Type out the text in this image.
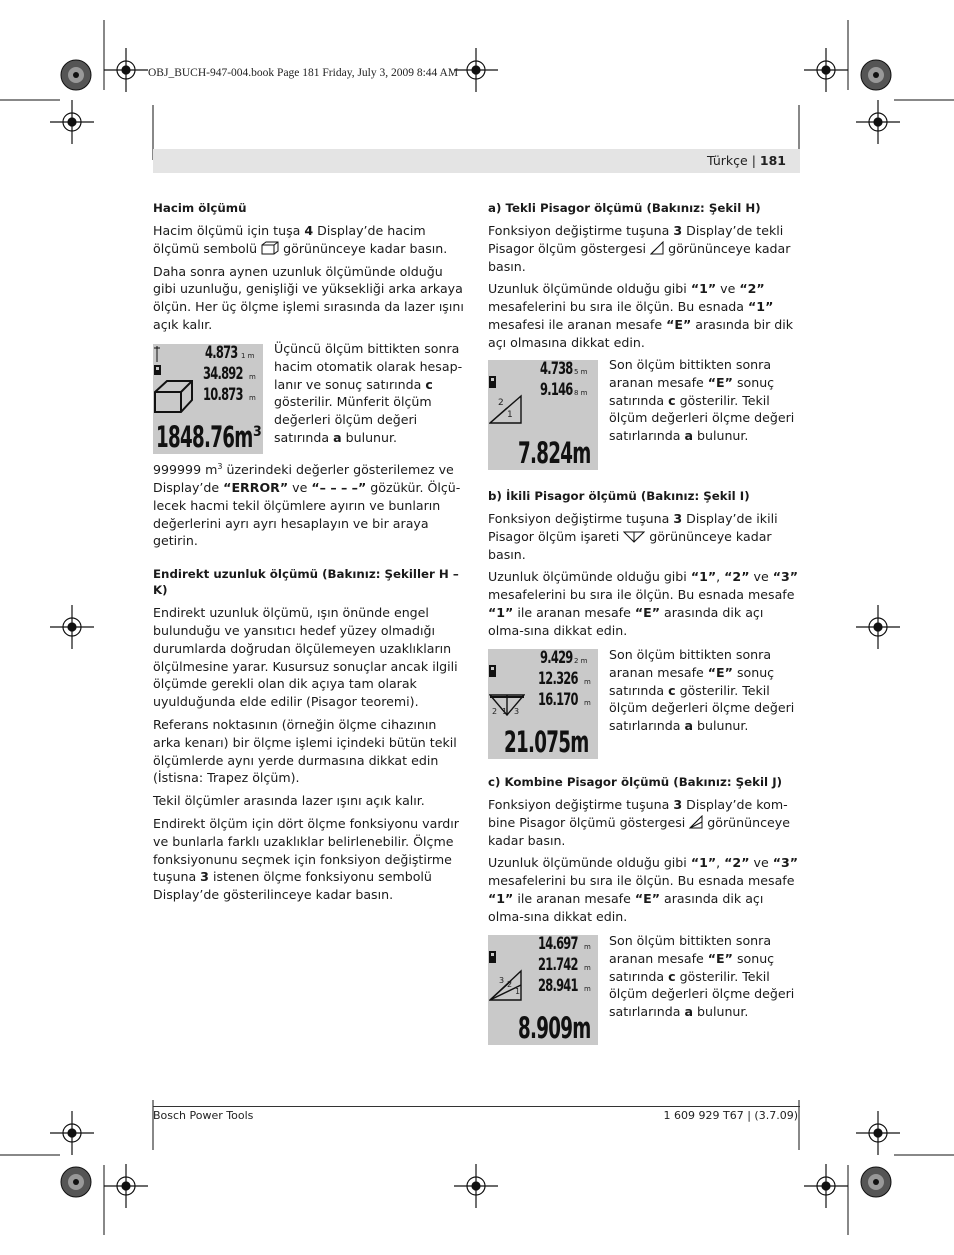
OBJ_BUCH-947-004.book Page 181 Friday, July 3, 2009 8:44 AM
Türkçe | 181
Hacim ölçümü

Hacim ölçümü için tuşa 4 Display’de hacim ölçümü sembolü  görününceye kadar basın.

Daha sonra aynen uzunluk ölçümünde olduğu gibi uzunluğu, genişliği ve yüksekliği arka arkaya ölçün. Her üç ölçme işlemi sırasında da lazer ışını açık kalır.

4.873 1 m
34.892 m
10.873 m
1848.76m 3

Üçüncü ölçüm bittikten sonra hacim otomatik olarak hesap-lanır ve sonuç satırında c gösterilir. Münferit ölçüm değerleri ölçüm değeri satırında a bulunur.

999999 $m^3$ üzerindeki değerler gösterilemez ve Display’de “ERROR” ve “– – – –” gözükür. Ölçü-lecek hacmi tekil ölçümlere ayırın ve bunların değerlerini ayrı ayrı hesaplayın ve bir araya getirin.

Endirekt uzunluk ölçümü (Bakınız: Şekiller H – K)

Endirekt uzunluk ölçümü, ışın önünde engel bulunduğu ve yansıtıcı hedef yüzey olmadığı durumlarda doğrudan ölçülemeyen uzaklıkların ölçülmesine yarar. Kusursuz sonuçlar ancak ilgili ölçümde gerekli olan dik açıya tam olarak uyulduğunda elde edilir (Pisagor teoremi).

Referans noktasının (örneğin ölçme cihazının arka kenarı) bir ölçme işlemi içindeki bütün tekil ölçümlerde aynı yerde durmasına dikkat edin (İstisna: Trapez ölçüm).

Tekil ölçümler arasında lazer ışını açık kalır.

Endirekt ölçüm için dört ölçme fonksiyonu vardır ve bunlarla farklı uzaklıklar belirlenebilir. Ölçme fonksiyonunu seçmek için fonksiyon değiştirme tuşuna 3 istenen ölçme fonksiyonu sembolü Display’de gösterilinceye kadar basın.

a) Tekli Pisagor ölçümü (Bakınız: Şekil H)

Fonksiyon değiştirme tuşuna 3 Display’de tekli Pisagor ölçüm göstergesi  görününceye kadar basın.

Uzunluk ölçümünde olduğu gibi “1” ve “2” mesafelerini bu sıra ile ölçün. Bu esnada “1” mesafesi ile aranan mesafe “E” arasında bir dik açı olmasına dikkat edin.

2
1
4.738 5 m
9.146 8 m
7.824m

Son ölçüm bittikten sonra aranan mesafe “E” sonuç satırında c gösterilir. Tekil ölçüm değerleri ölçme değeri satırlarında a bulunur.

b) İkili Pisagor ölçümü (Bakınız: Şekil I)

Fonksiyon değiştirme tuşuna 3 Display’de ikili Pisagor ölçüm işareti  görününceye kadar basın.

Uzunluk ölçümünde olduğu gibi “1”, “2” ve “3” mesafelerini bu sıra ile ölçün. Bu esnada mesafe “1” ile aranan mesafe “E” arasında dik açı olma-sına dikkat edin.

2 1 3
9.429 2 m
12.326 m
16.170 m
21.075m

Son ölçüm bittikten sonra aranan mesafe “E” sonuç satırında c gösterilir. Tekil ölçüm değerleri ölçme değeri satırlarında a bulunur.

c) Kombine Pisagor ölçümü (Bakınız: Şekil J)

Fonksiyon değiştirme tuşuna 3 Display’de kom-bine Pisagor ölçümü göstergesi  görününceye kadar basın.

Uzunluk ölçümünde olduğu gibi “1”, “2” ve “3” mesafelerini bu sıra ile ölçün. Bu esnada mesafe “1” ile aranan mesafe “E” arasında dik açı olma-sına dikkat edin.

3 2
1
14.697 m
21.742 m
28.941 m
8.909m

Son ölçüm bittikten sonra aranan mesafe “E” sonuç satırında c gösterilir. Tekil ölçüm değerleri ölçme değeri satırlarında a bulunur.

Bosch Power Tools	1 609 929 T67 | (3.7.09)
